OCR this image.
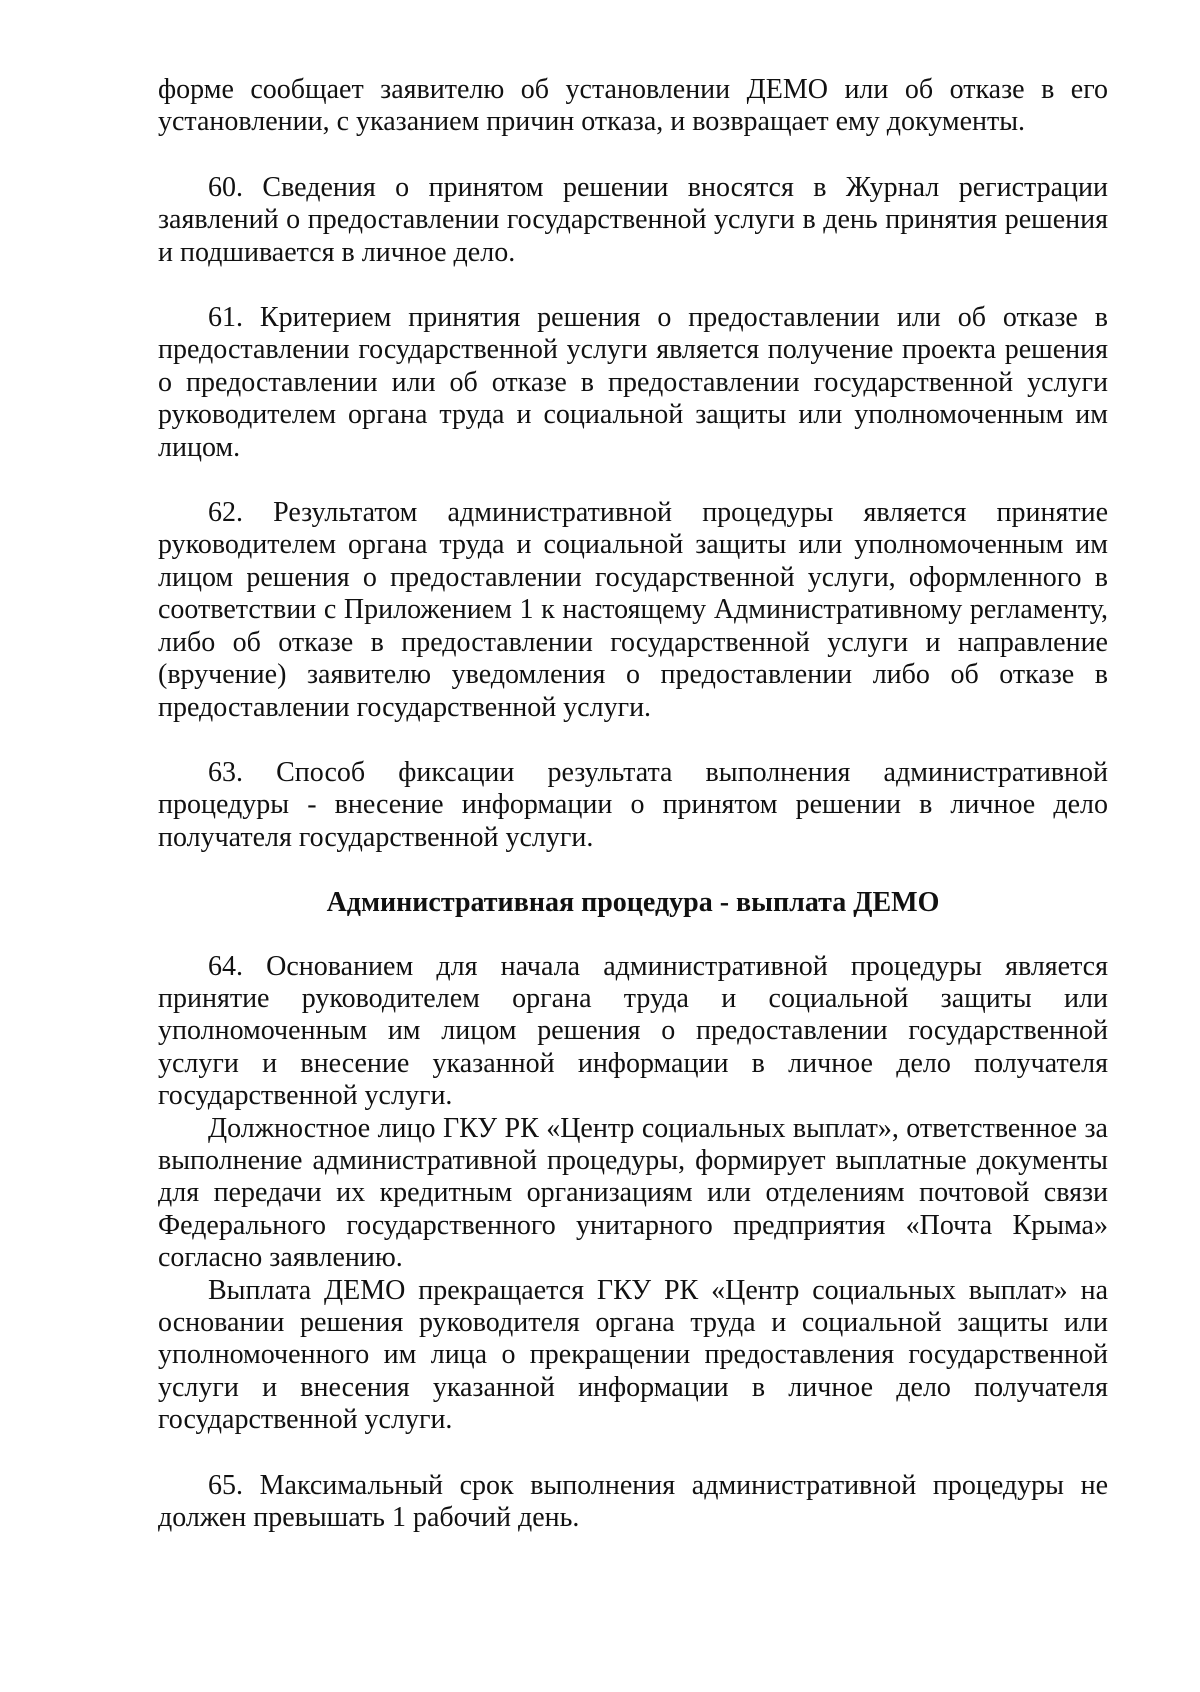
форме сообщает заявителю об установлении ДЕМО или об отказе в его установлении, с указанием причин отказа, и возвращает ему документы.

60. Сведения о принятом решении вносятся в Журнал регистрации заявлений о предоставлении государственной услуги в день принятия решения и подшивается в личное дело.

61. Критерием принятия решения о предоставлении или об отказе в предоставлении государственной услуги является получение проекта решения о предоставлении или об отказе в предоставлении государственной услуги руководителем органа труда и социальной защиты или уполномоченным им лицом.

62. Результатом административной процедуры является принятие руководителем органа труда и социальной защиты или уполномоченным им лицом решения о предоставлении государственной услуги, оформленного в соответствии с Приложением 1 к настоящему Административному регламенту, либо об отказе в предоставлении государственной услуги и направление (вручение) заявителю уведомления о предоставлении либо об отказе в предоставлении государственной услуги.

63. Способ фиксации результата выполнения административной процедуры - внесение информации о принятом решении в личное дело получателя государственной услуги.

Административная процедура - выплата ДЕМО

64. Основанием для начала административной процедуры является принятие руководителем органа труда и социальной защиты или уполномоченным им лицом решения о предоставлении государственной услуги и внесение указанной информации в личное дело получателя государственной услуги.

Должностное лицо ГКУ РК «Центр социальных выплат», ответственное за выполнение административной процедуры, формирует выплатные документы для передачи их кредитным организациям или отделениям почтовой связи Федерального государственного унитарного предприятия «Почта Крыма» согласно заявлению.

Выплата ДЕМО прекращается ГКУ РК «Центр социальных выплат» на основании решения руководителя органа труда и социальной защиты или уполномоченного им лица о прекращении предоставления государственной услуги и внесения указанной информации в личное дело получателя государственной услуги.

65. Максимальный срок выполнения административной процедуры не должен превышать 1 рабочий день.
